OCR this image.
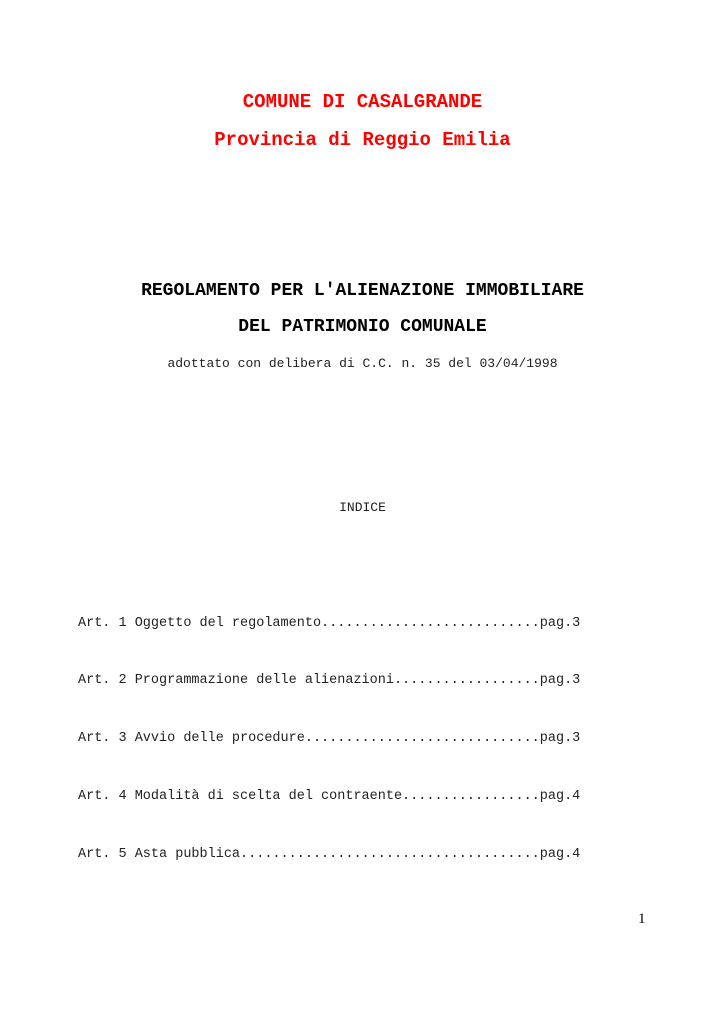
COMUNE DI CASALGRANDE
Provincia di Reggio Emilia
REGOLAMENTO PER L'ALIENAZIONE IMMOBILIARE
DEL PATRIMONIO COMUNALE
adottato con delibera di C.C. n. 35 del 03/04/1998
INDICE
Art. 1 Oggetto del regolamento...........................pag.3
Art. 2 Programmazione delle alienazioni..................pag.3
Art. 3 Avvio delle procedure.............................pag.3
Art. 4 Modalità di scelta del contraente.................pag.4
Art. 5 Asta pubblica.....................................pag.4
1
